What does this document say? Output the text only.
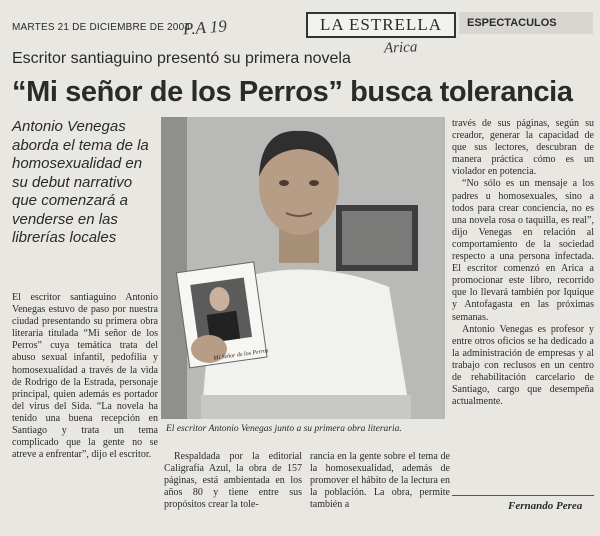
MARTES 21 DE DICIEMBRE DE 2004
P.A 19	LA ESTRELLA	ESPECTACULOS
Arica
Escritor santiaguino presentó su primera novela
“Mi señor de los Perros” busca tolerancia
Antonio Venegas aborda el tema de la homosexualidad en su debut narrativo que comenzará a venderse en las librerías locales

El escritor santiaguino Antonio Venegas estuvo de paso por nuestra ciudad presentando su primera obra literaria titulada “Mi señor de los Perros” cuya temática trata del abuso sexual infantil, pedofilia y homosexualidad a través de la vida de Rodrigo de la Estrada, personaje principal, quien además es portador del virus del Sida. “La novela ha tenido una buena recepción en Santiago y trata un tema complicado que la gente no se atreve a enfrentar”, dijo el escritor.

Mi Señor de los Perros
El escritor Antonio Venegas junto a su primera obra literaria.

Respaldada por la editorial Caligrafía Azul, la obra de 157 páginas, está ambientada en los años 80 y tiene entre sus propósitos crear la tole-

rancia en la gente sobre el tema de la homosexualidad, además de promover el hábito de la lectura en la población. La obra, permite también a

través de sus páginas, según su creador, generar la capacidad de que sus lectores, descubran de manera práctica cómo es un violador en potencia.

“No sólo es un mensaje a los padres u homosexuales, sino a todos para crear conciencia, no es una novela rosa o taquilla, es real”, dijo Venegas en relación al comportamiento de la sociedad respecto a una persona infectada. El escritor comenzó en Arica a promocionar este libro, recorrido que lo llevará también por Iquique y Antofagasta en las próximas semanas.

Antonio Venegas es profesor y entre otros oficios se ha dedicado a la administración de empresas y al trabajo con reclusos en un centro de rehabilitación carcelario de Santiago, cargo que desempeña actualmente.

Fernando Perea
